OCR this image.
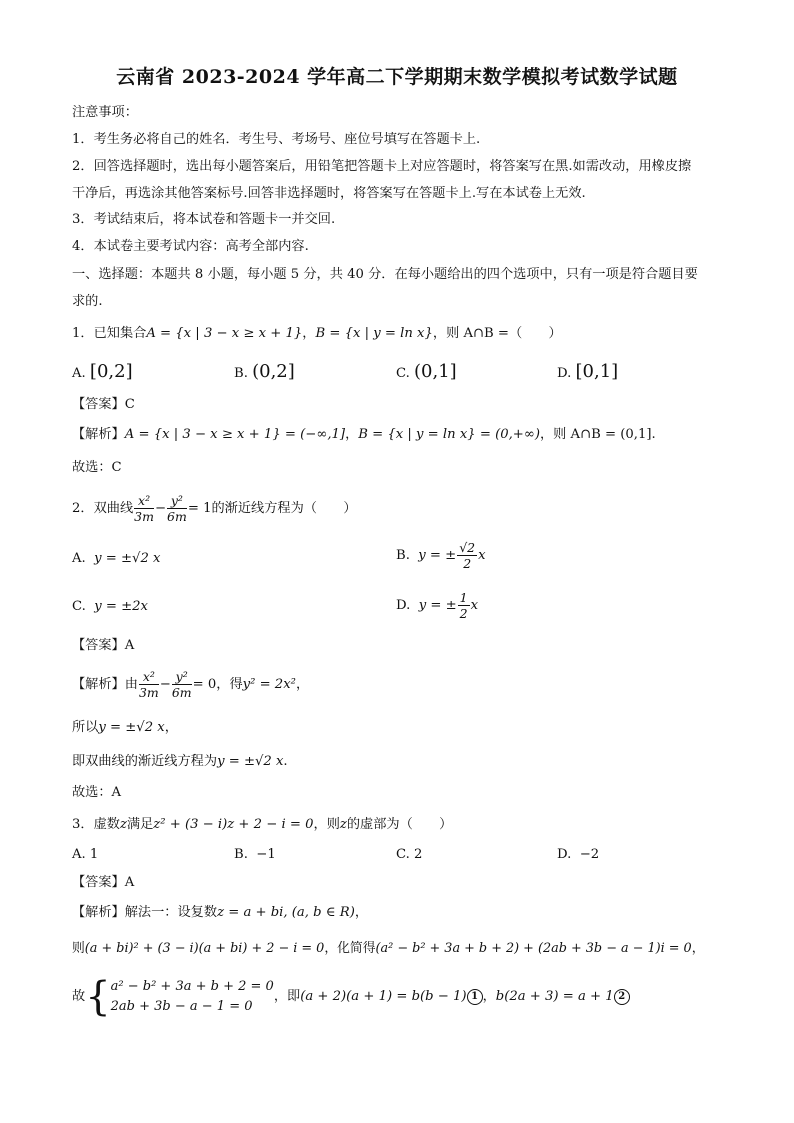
云南省 2023-2024 学年高二下学期期末数学模拟考试数学试题
注意事项：
1．考生务必将自己的姓名．考生号、考场号、座位号填写在答题卡上.
2．回答选择题时，选出每小题答案后，用铅笔把答题卡上对应答题时，将答案写在黑.如需改动，用橡皮擦
干净后，再选涂其他答案标号.回答非选择题时，将答案写在答题卡上.写在本试卷上无效.
3．考试结束后，将本试卷和答题卡一并交回.
4．本试卷主要考试内容：高考全部内容.
一、选择题：本题共 8 小题，每小题 5 分，共 40 分．在每小题给出的四个选项中，只有一项是符合题目要
求的.
1．已知集合A = {x | 3 − x ≥ x + 1}，B = {x | y = ln x}，则 A∩B =（　　）
A. [0,2]	B. (0,2]	C. (0,1]	D. [0,1]
【答案】C
【解析】A = {x | 3 − x ≥ x + 1} = (−∞,1]，B = {x | y = ln x} = (0,+∞)，则 A∩B = (0,1].
故选：C
2．双曲线 $\frac{\text{x²}}{3m} - \frac{\text{y²}}{6m} = 1$的渐近线方程为（　　）
A. y = ±√2 x	B. y = ± $\frac{√2}{2}$ x
C. y = ±2x	D. y = ± $\frac{1}{2}$ x
【答案】A
【解析】由 $\frac{\text{x²}}{3m} - \frac{\text{y²}}{6m} = 0$，得y² = 2x²，
所以y = ±√2 x，
即双曲线的渐近线方程为y = ±√2 x.
故选：A
3．虚数z满足z² + (3 − i)z + 2 − i = 0，则z的虚部为（　　）
A. 1	B. −1	C. 2	D. −2
【答案】A
【解析】解法一：设复数z = a + bi, (a, b ∈ R)，
则(a + bi)² + (3 − i)(a + bi) + 2 − i = 0，化简得(a² − b² + 3a + b + 2) + (2ab + 3b − a − 1)i = 0，
故{ a² − b² + 3a + b + 2 = 0
2ab + 3b − a − 1 = 0
，即(a + 2)(a + 1) = b(b − 1) 1 ，b(2a + 3) = a + 1 2
